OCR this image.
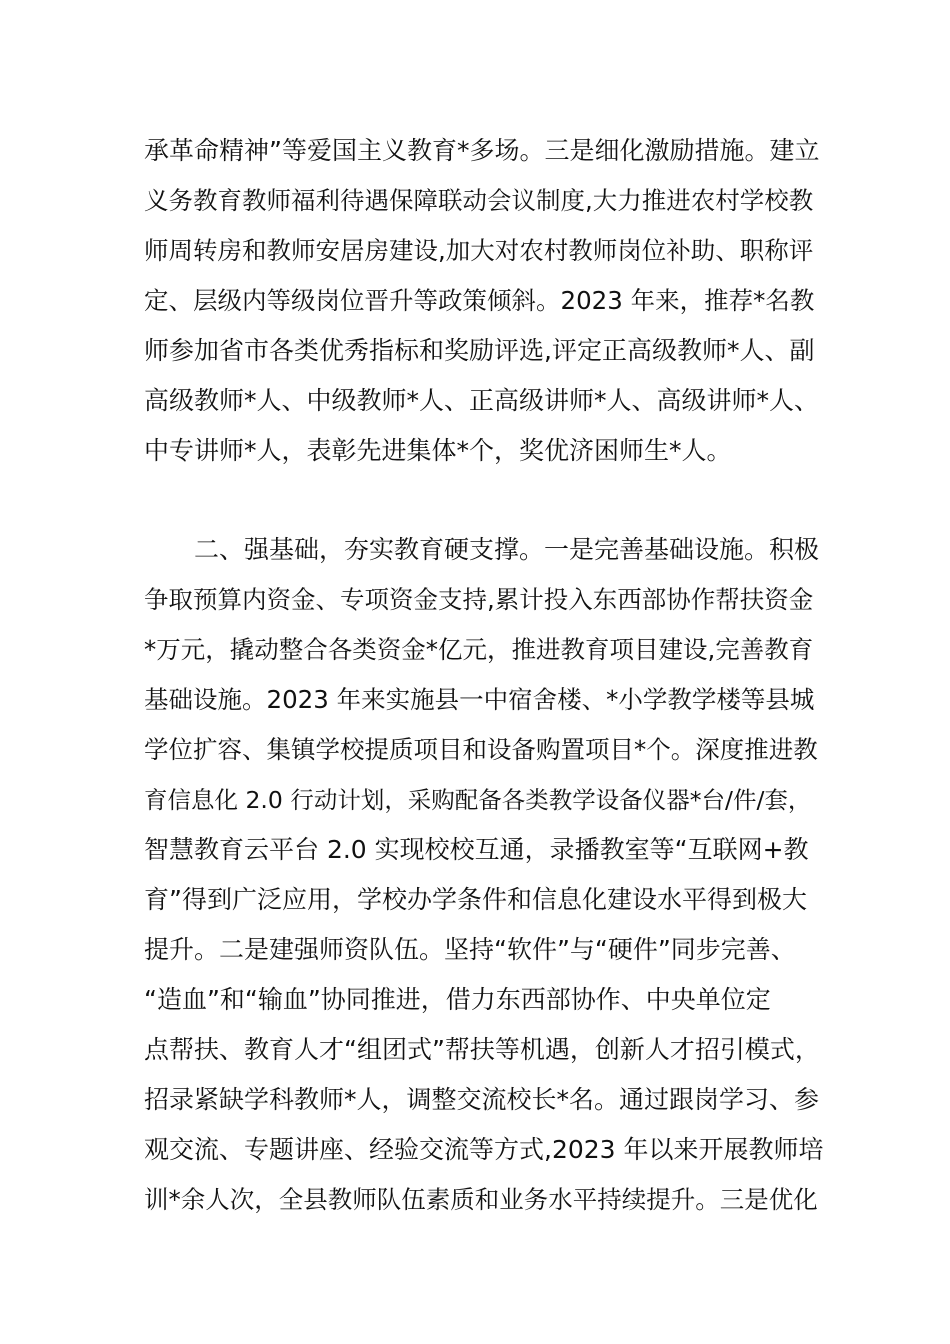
承革命精神”等爱国主义教育*多场。三是细化激励措施。建立
义务教育教师福利待遇保障联动会议制度,大力推进农村学校教
师周转房和教师安居房建设,加大对农村教师岗位补助、职称评
定、层级内等级岗位晋升等政策倾斜。2023 年来，推荐*名教
师参加省市各类优秀指标和奖励评选,评定正高级教师*人、副
高级教师*人、中级教师*人、正高级讲师*人、高级讲师*人、
中专讲师*人，表彰先进集体*个，奖优济困师生*人。
二、强基础，夯实教育硬支撑。一是完善基础设施。积极
争取预算内资金、专项资金支持,累计投入东西部协作帮扶资金
*万元，撬动整合各类资金*亿元，推进教育项目建设,完善教育
基础设施。2023 年来实施县一中宿舍楼、*小学教学楼等县城
学位扩容、集镇学校提质项目和设备购置项目*个。深度推进教
育信息化 2.0 行动计划，采购配备各类教学设备仪器*台/件/套，
智慧教育云平台 2.0 实现校校互通，录播教室等“互联网+教
育”得到广泛应用，学校办学条件和信息化建设水平得到极大
提升。二是建强师资队伍。坚持“软件”与“硬件”同步完善、
“造血”和“输血”协同推进，借力东西部协作、中央单位定
点帮扶、教育人才“组团式”帮扶等机遇，创新人才招引模式，
招录紧缺学科教师*人，调整交流校长*名。通过跟岗学习、参
观交流、专题讲座、经验交流等方式,2023 年以来开展教师培
训*余人次，全县教师队伍素质和业务水平持续提升。三是优化
